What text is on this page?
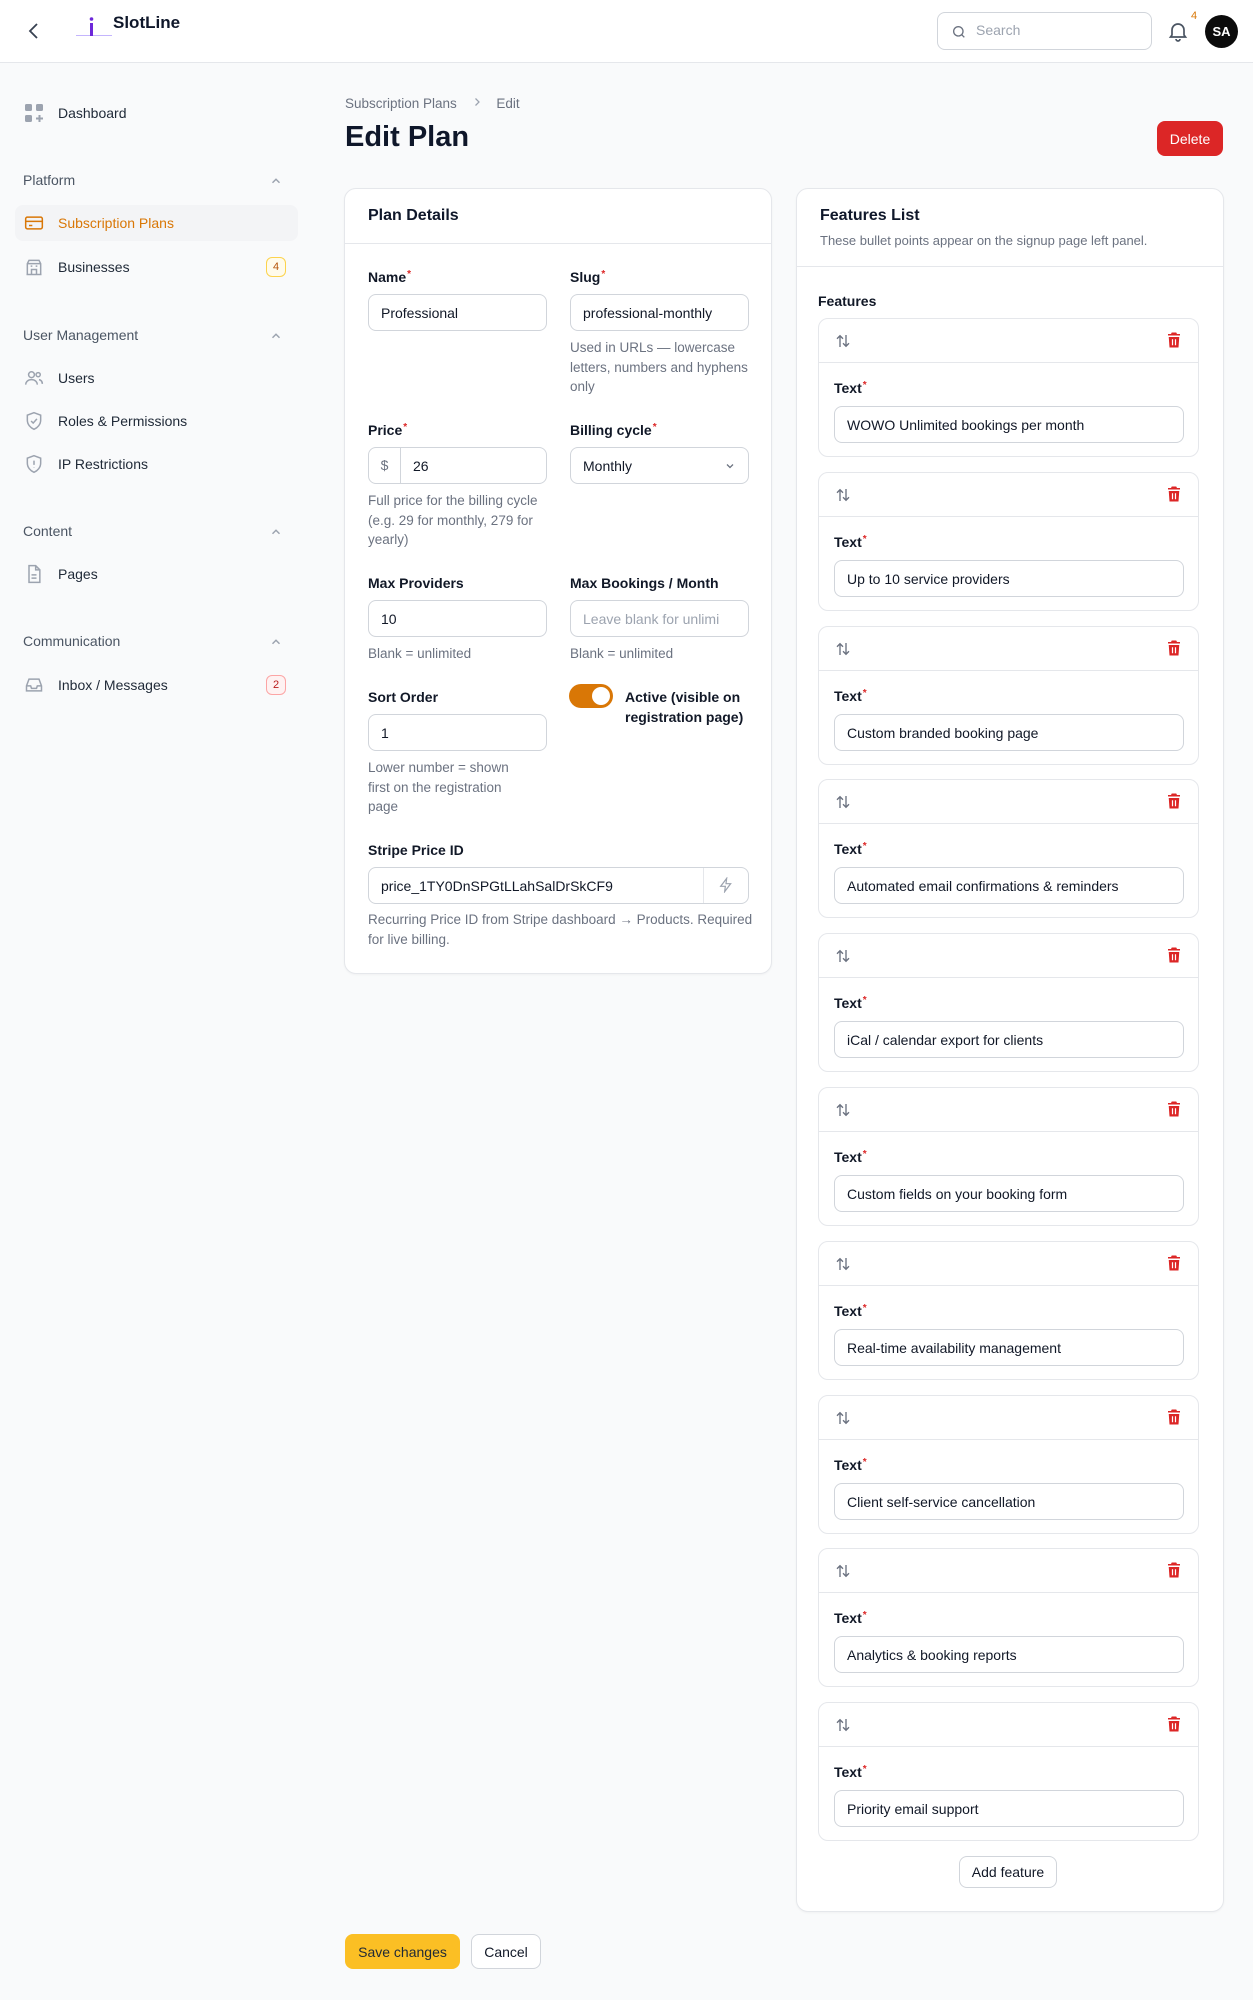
SlotLine
Search	4
SA
Dashboard
Platform
Subscription Plans
Businesses	4
User Management
Users
Roles & Permissions
IP Restrictions
Content
Pages
Communication
Inbox / Messages	2
Subscription Plans	Edit
Edit Plan	Delete
Plan Details
Name*
Professional
Slug*
professional-monthly
Used in URLs — lowercase letters, numbers and hyphens only
Price*
$	26
Full price for the billing cycle (e.g. 29 for monthly, 279 for yearly)
Billing cycle*
Monthly
Max Providers
10
Blank = unlimited
Max Bookings / Month
Leave blank for unlimi
Blank = unlimited
Sort Order
1
Lower number = shown first on the registration page
Active (visible on registration page)
Stripe Price ID
price_1TY0DnSPGtLLahSalDrSkCF9
Recurring Price ID from Stripe dashboard → Products. Required for live billing.
Features List
These bullet points appear on the signup page left panel.
Features
Text*
WOWO Unlimited bookings per month
Text*
Up to 10 service providers
Text*
Custom branded booking page
Text*
Automated email confirmations & reminders
Text*
iCal / calendar export for clients
Text*
Custom fields on your booking form
Text*
Real-time availability management
Text*
Client self-service cancellation
Text*
Analytics & booking reports
Text*
Priority email support
Add feature
Save changes	Cancel
